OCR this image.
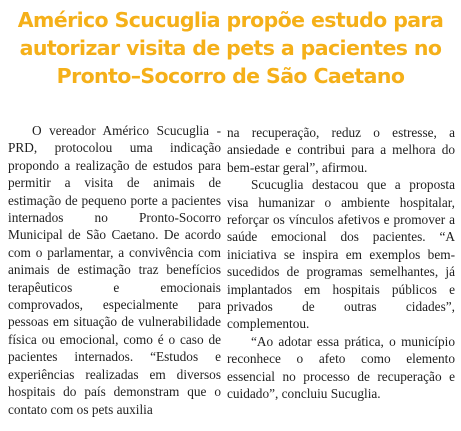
Américo Scucuglia propõe estudo para
autorizar visita de pets a pacientes no
Pronto–Socorro de São Caetano

O vereador Américo Scucuglia - PRD, protocolou uma indicação propondo a realização de estudos para permitir a visita de animais de estimação de pequeno porte a pacientes internados no Pronto-Socorro Municipal de São Caetano. De acordo com o parlamentar, a convivência com animais de estimação traz benefícios terapêuticos e emocionais comprovados, especialmente para pessoas em situação de vulnerabilidade física ou emocional, como é o caso de pacientes internados. “Estudos e experiências realizadas em diversos hospitais do país demonstram que o contato com os pets auxilia

na recuperação, reduz o estresse, a ansiedade e contribui para a melhora do bem-estar geral”, afirmou.

Scucuglia destacou que a proposta visa humanizar o ambiente hospitalar, reforçar os vínculos afetivos e promover a saúde emocional dos pacientes. “A iniciativa se inspira em exemplos bem-sucedidos de programas semelhantes, já implantados em hospitais públicos e privados de outras cidades”, complementou.

“Ao adotar essa prática, o município reconhece o afeto como elemento essencial no processo de recuperação e cuidado”, concluiu Sucuglia.
